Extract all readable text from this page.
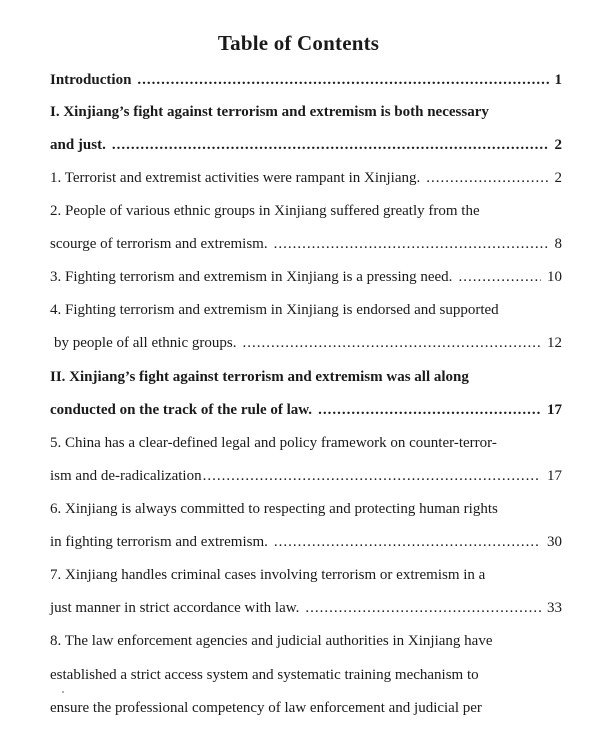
Table of Contents
Introduction .....	1
I. Xinjiang’s fight against terrorism and extremism is both necessary
and just. .....	2
1. Terrorist and extremist activities were rampant in Xinjiang. .....	2
2. People of various ethnic groups in Xinjiang suffered greatly from the
scourge of terrorism and extremism. .....	8
3. Fighting terrorism and extremism in Xinjiang is a pressing need. .....	10
4. Fighting terrorism and extremism in Xinjiang is endorsed and supported
by people of all ethnic groups. .....	12
II. Xinjiang’s fight against terrorism and extremism was all along
conducted on the track of the rule of law. .....	17
5. China has a clear-defined legal and policy framework on counter-terror-
ism and de-radicalization .....	17
6. Xinjiang is always committed to respecting and protecting human rights
in fighting terrorism and extremism. .....	30
7. Xinjiang handles criminal cases involving terrorism or extremism in a
just manner in strict accordance with law. .....	33
8. The law enforcement agencies and judicial authorities in Xinjiang have
established a strict access system and systematic training mechanism to
ensure the professional competency of law enforcement and judicial per
